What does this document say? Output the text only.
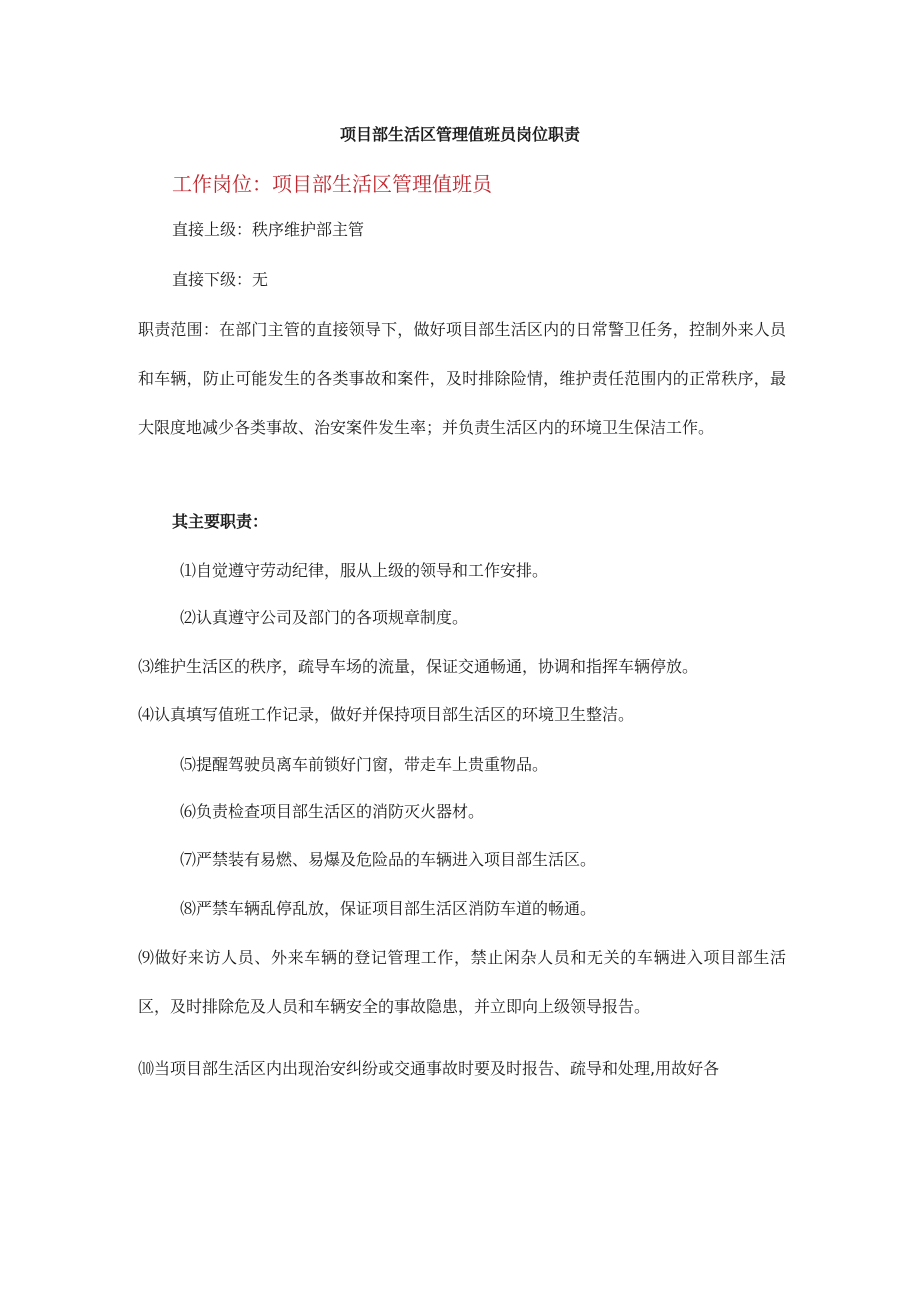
项目部生活区管理值班员岗位职责
工作岗位：项目部生活区管理值班员
直接上级：秩序维护部主管
直接下级：无
职责范围：在部门主管的直接领导下，做好项目部生活区内的日常警卫任务，控制外来人员和车辆，防止可能发生的各类事故和案件，及时排除险情，维护责任范围内的正常秩序，最大限度地减少各类事故、治安案件发生率；并负责生活区内的环境卫生保洁工作。
其主要职责：
⑴自觉遵守劳动纪律，服从上级的领导和工作安排。
⑵认真遵守公司及部门的各项规章制度。
⑶维护生活区的秩序，疏导车场的流量，保证交通畅通，协调和指挥车辆停放。
⑷认真填写值班工作记录，做好并保持项目部生活区的环境卫生整洁。
⑸提醒驾驶员离车前锁好门窗，带走车上贵重物品。
⑹负责检查项目部生活区的消防灭火器材。
⑺严禁装有易燃、易爆及危险品的车辆进入项目部生活区。
⑻严禁车辆乱停乱放，保证项目部生活区消防车道的畅通。
⑼做好来访人员、外来车辆的登记管理工作，禁止闲杂人员和无关的车辆进入项目部生活区，及时排除危及人员和车辆安全的事故隐患，并立即向上级领导报告。
⑽当项目部生活区内出现治安纠纷或交通事故时要及时报告、疏导和处理,用故好各
